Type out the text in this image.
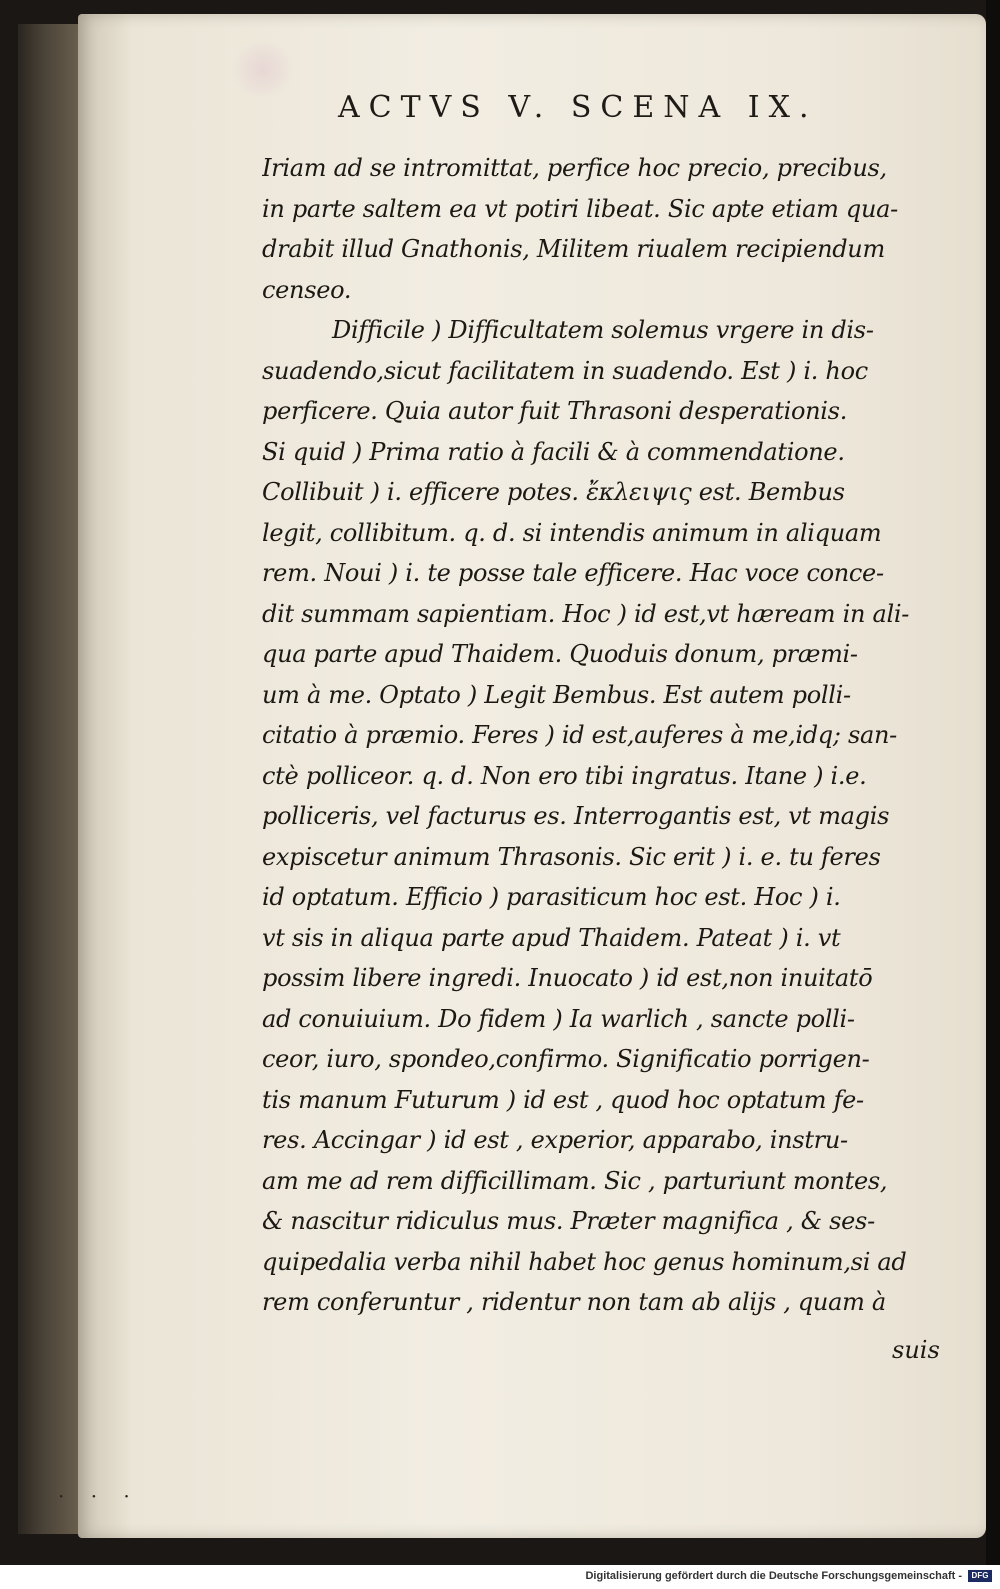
ACTVS V. SCENA IX.
Iriam ad se intromittat, perfice hoc precio, precibus,
in parte saltem ea vt potiri libeat. Sic apte etiam qua-
drabit illud Gnathonis, Militem riualem recipiendum
censeo.
Difficile ) Difficultatem solemus vrgere in dis-
suadendo,sicut facilitatem in suadendo. Est ) i. hoc
perficere. Quia autor fuit Thrasoni desperationis.
Si quid ) Prima ratio à facili & à commendatione.
Collibuit ) i. efficere potes. ἔκλειψις est. Bembus
legit, collibitum. q. d. si intendis animum in aliquam
rem. Noui ) i. te posse tale efficere. Hac voce conce-
dit summam sapientiam. Hoc ) id est,vt hæream in ali-
qua parte apud Thaidem. Quoduis donum, præmi-
um à me. Optato ) Legit Bembus. Est autem polli-
citatio à præmio. Feres ) id est,auferes à me,idq; san-
ctè polliceor. q. d. Non ero tibi ingratus. Itane ) i.e.
polliceris, vel facturus es. Interrogantis est, vt magis
expiscetur animum Thrasonis. Sic erit ) i. e. tu feres
id optatum. Efficio ) parasiticum hoc est. Hoc ) i.
vt sis in aliqua parte apud Thaidem. Pateat ) i. vt
possim libere ingredi. Inuocato ) id est,non inuitatō
ad conuiuium. Do fidem ) Ia warlich , sancte polli-
ceor, iuro, spondeo,confirmo. Significatio porrigen-
tis manum Futurum ) id est , quod hoc optatum fe-
res. Accingar ) id est , experior, apparabo, instru-
am me ad rem difficillimam. Sic , parturiunt montes,
& nascitur ridiculus mus. Præter magnifica , & ses-
quipedalia verba nihil habet hoc genus hominum,si ad
rem conferuntur , ridentur non tam ab alijs , quam à
suis
· · ·
Digitalisierung gefördert durch die Deutsche Forschungsgemeinschaft -	DFG
